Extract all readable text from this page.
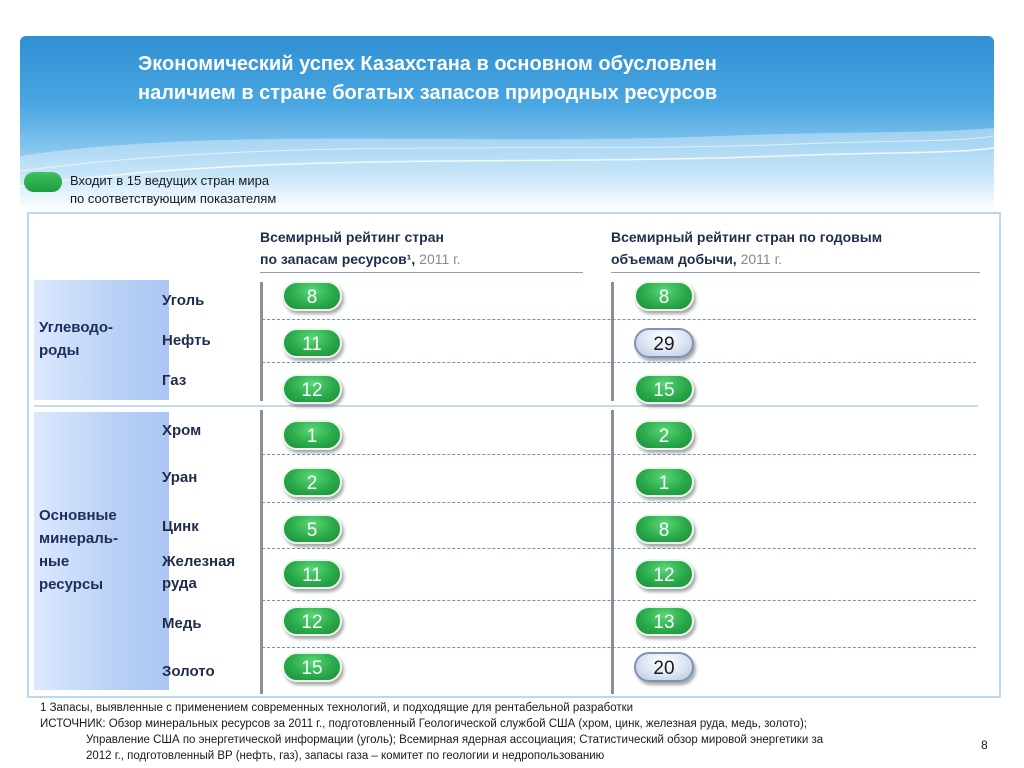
Экономический успех Казахстана в основном обусловлен
наличием в стране богатых запасов природных ресурсов
Входит в 15 ведущих стран мира
по соответствующим показателям
Всемирный рейтинг стран
по запасам ресурсов¹, 2011 г.
Всемирный рейтинг стран по годовым
объемам добычи, 2011 г.
Углеводо-
роды
Основные
минераль-
ные
ресурсы
Уголь
Нефть
Газ
Хром
Уран
Цинк
Железная
руда
Медь
Золото
8
11
12
1
2
5
11
12
15
8
29
15
2
1
8
12
13
20
1 Запасы, выявленные с применением современных технологий, и подходящие для рентабельной разработки
ИСТОЧНИК: Обзор минеральных ресурсов за 2011 г., подготовленный Геологической службой США (хром, цинк, железная руда, медь, золото);
Управление США по энергетической информации (уголь); Всемирная ядерная ассоциация; Статистический обзор мировой энергетики за
2012 г., подготовленный BP (нефть, газ), запасы газа – комитет по геологии и недропользованию
8
